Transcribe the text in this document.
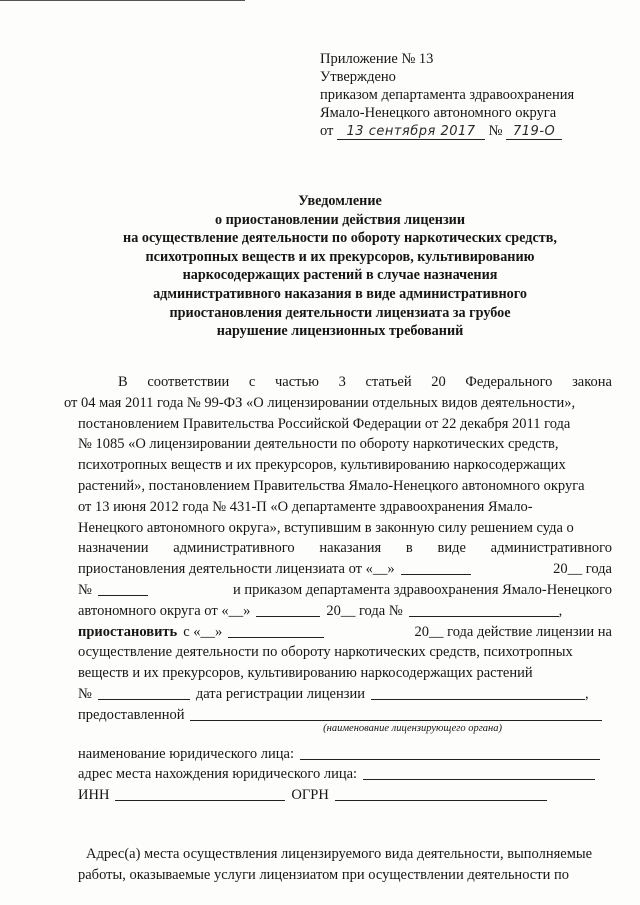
Приложение № 13
Утверждено
приказом департамента здравоохранения
Ямало-Ненецкого автономного округа
от 13 сентября 2017 № 719-О
Уведомление
о приостановлении действия лицензии
на осуществление деятельности по обороту наркотических средств,
психотропных веществ и их прекурсоров, культивированию
наркосодержащих растений в случае назначения
административного наказания в виде административного
приостановления деятельности лицензиата за грубое
нарушение лицензионных требований
В соответствии с частью 3 статьей 20 Федерального закона
от 04 мая 2011 года № 99-ФЗ «О лицензировании отдельных видов деятельности»,
постановлением Правительства Российской Федерации от 22 декабря 2011 года
№ 1085 «О лицензировании деятельности по обороту наркотических средств,
психотропных веществ и их прекурсоров, культивированию наркосодержащих
растений», постановлением Правительства Ямало-Ненецкого автономного округа
от 13 июня 2012 года № 431-П «О департаменте здравоохранения Ямало-
Ненецкого автономного округа», вступившим в законную силу решением суда о
назначении административного наказания в виде административного
приостановления деятельности лицензиата от «__»	20__ года
№	и приказом департамента здравоохранения Ямало-Ненецкого
автономного округа от «__»	20__ года №	,
приостановить с «__»	20__ года действие лицензии на
осуществление деятельности по обороту наркотических средств, психотропных
веществ и их прекурсоров, культивированию наркосодержащих растений
№	дата регистрации лицензии	,
предоставленной
(наименование лицензирующего органа)
наименование юридического лица:
адрес места нахождения юридического лица:
ИНН	ОГРН
Адрес(а) места осуществления лицензируемого вида деятельности, выполняемые
работы, оказываемые услуги лицензиатом при осуществлении деятельности по
